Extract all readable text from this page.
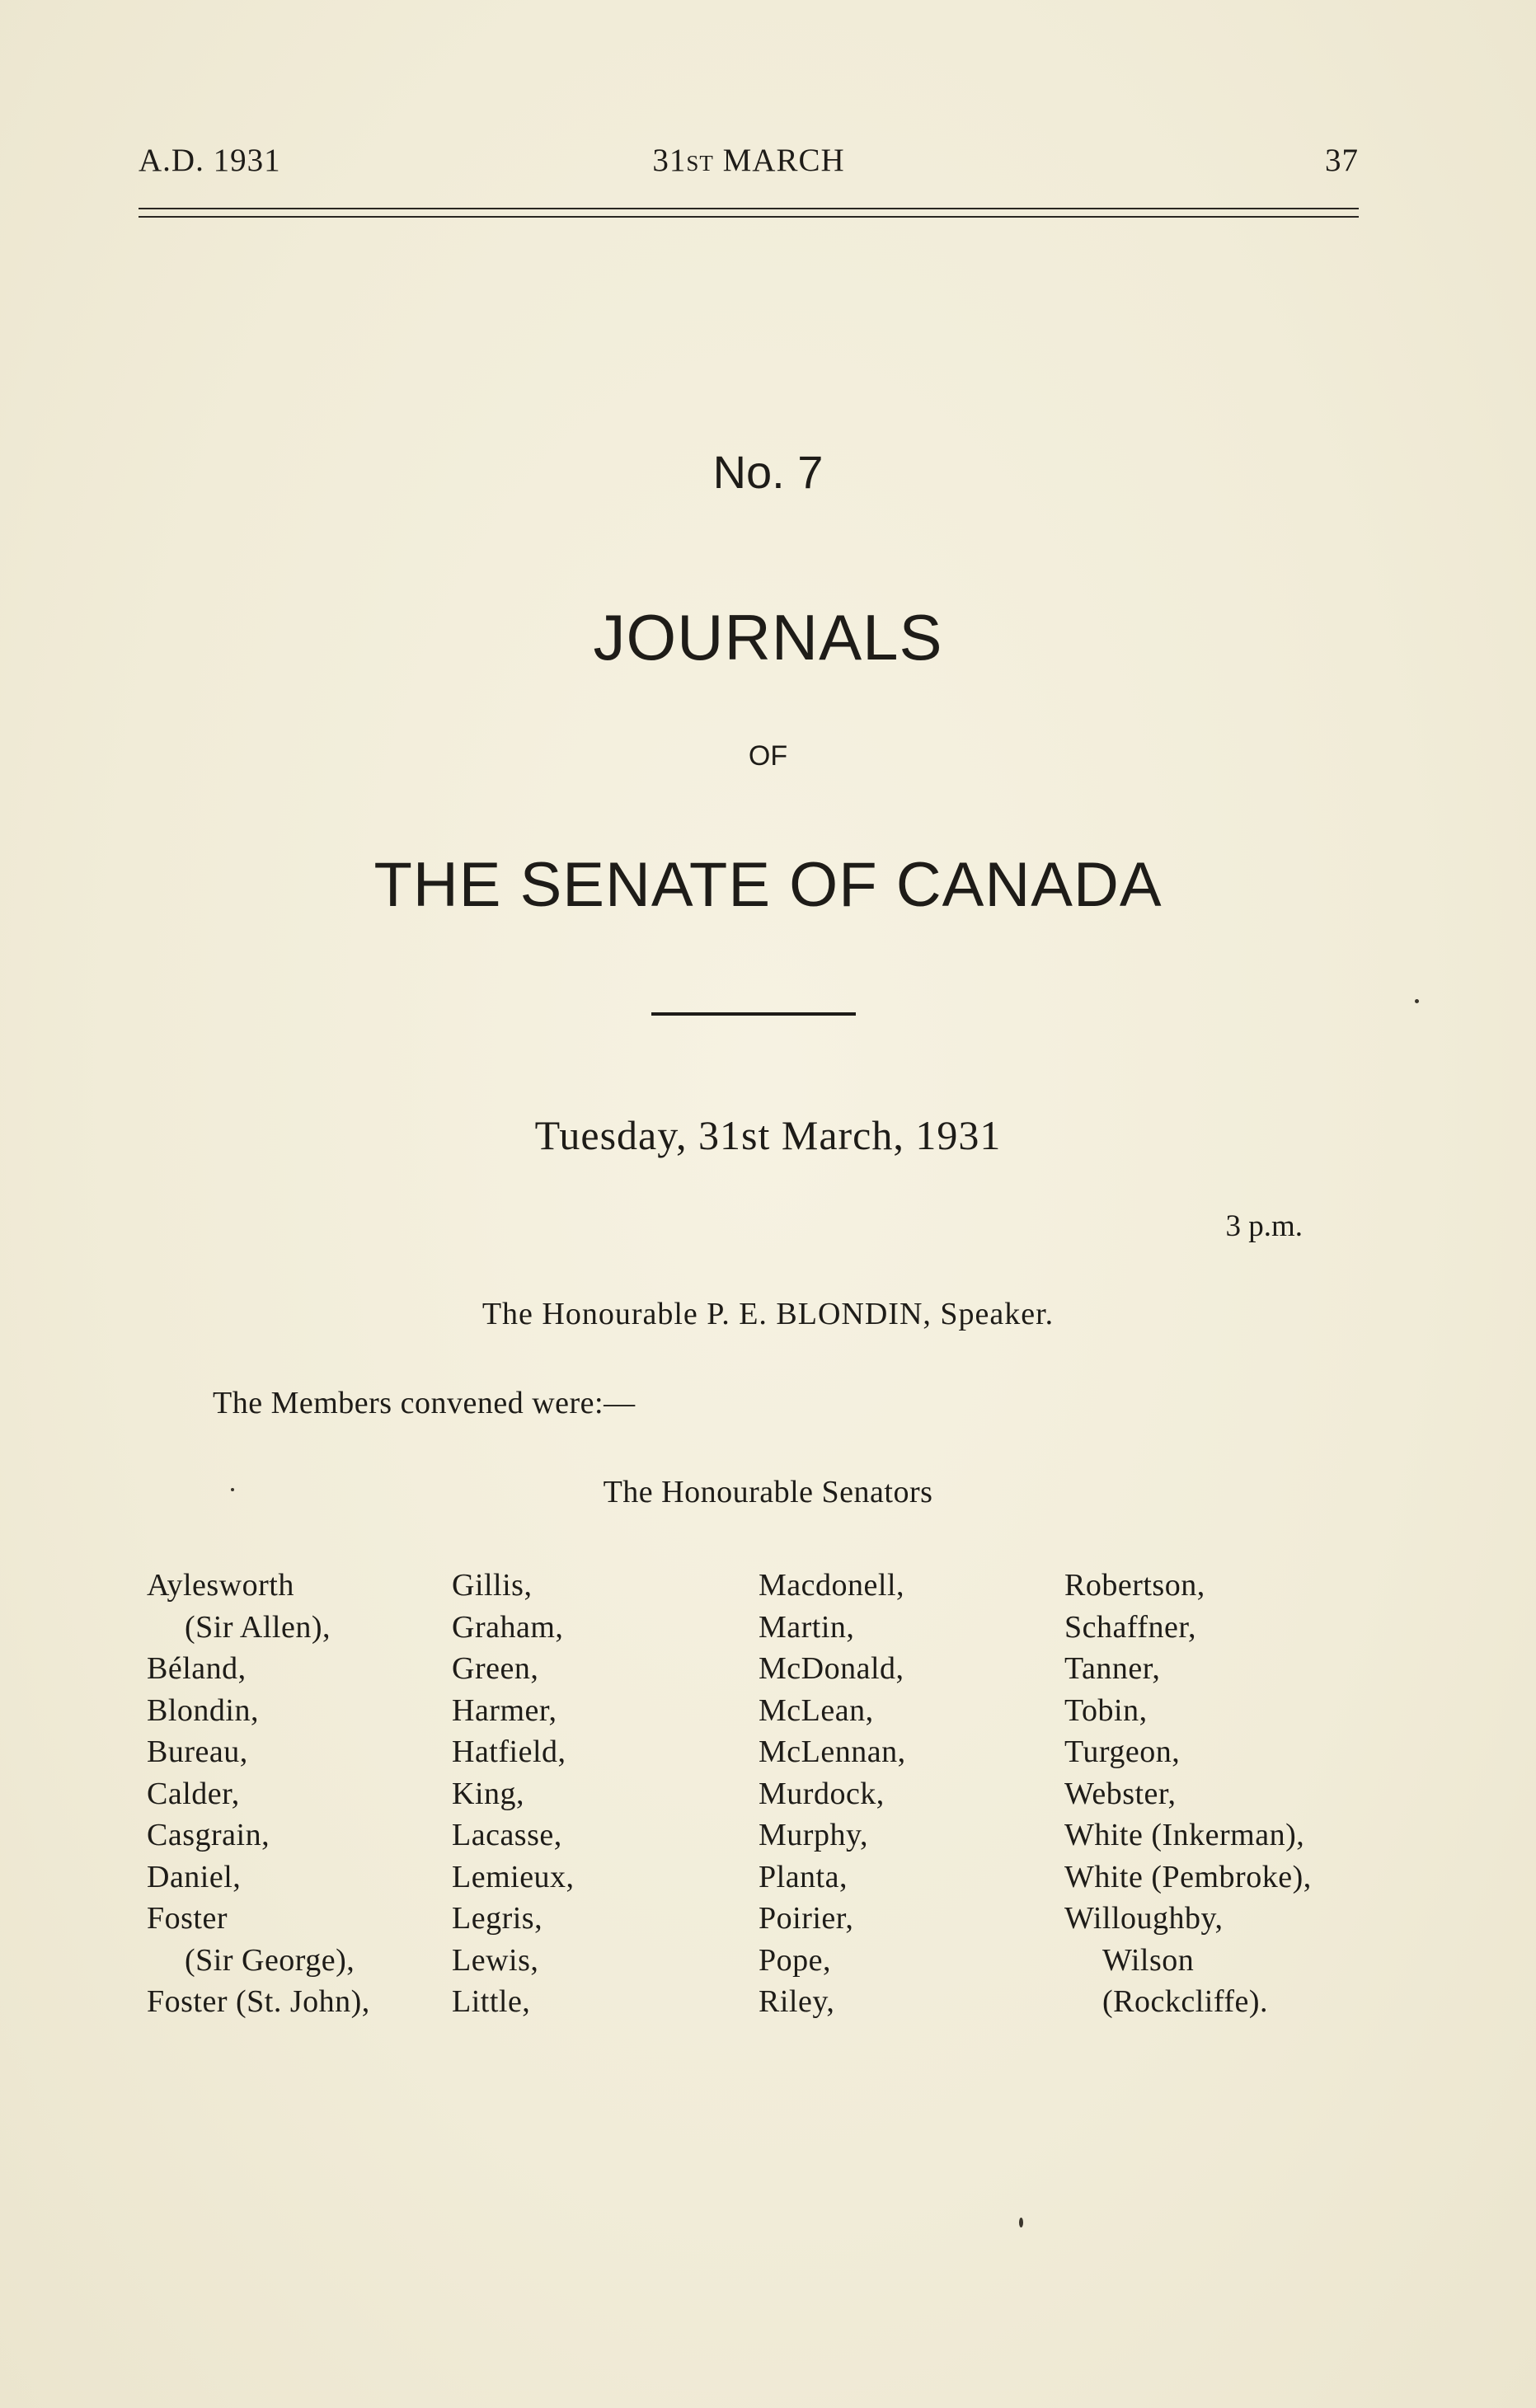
A.D. 1931	31ST MARCH	37
No. 7
JOURNALS
OF
THE SENATE OF CANADA
Tuesday, 31st March, 1931
3 p.m.
The Honourable P. E. BLONDIN, Speaker.
The Members convened were:—
The Honourable Senators
Aylesworth
(Sir Allen),
Béland,
Blondin,
Bureau,
Calder,
Casgrain,
Daniel,
Foster
(Sir George),
Foster (St. John),
Gillis,
Graham,
Green,
Harmer,
Hatfield,
King,
Lacasse,
Lemieux,
Legris,
Lewis,
Little,
Macdonell,
Martin,
McDonald,
McLean,
McLennan,
Murdock,
Murphy,
Planta,
Poirier,
Pope,
Riley,
Robertson,
Schaffner,
Tanner,
Tobin,
Turgeon,
Webster,
White (Inkerman),
White (Pembroke),
Willoughby,
Wilson
(Rockcliffe).
